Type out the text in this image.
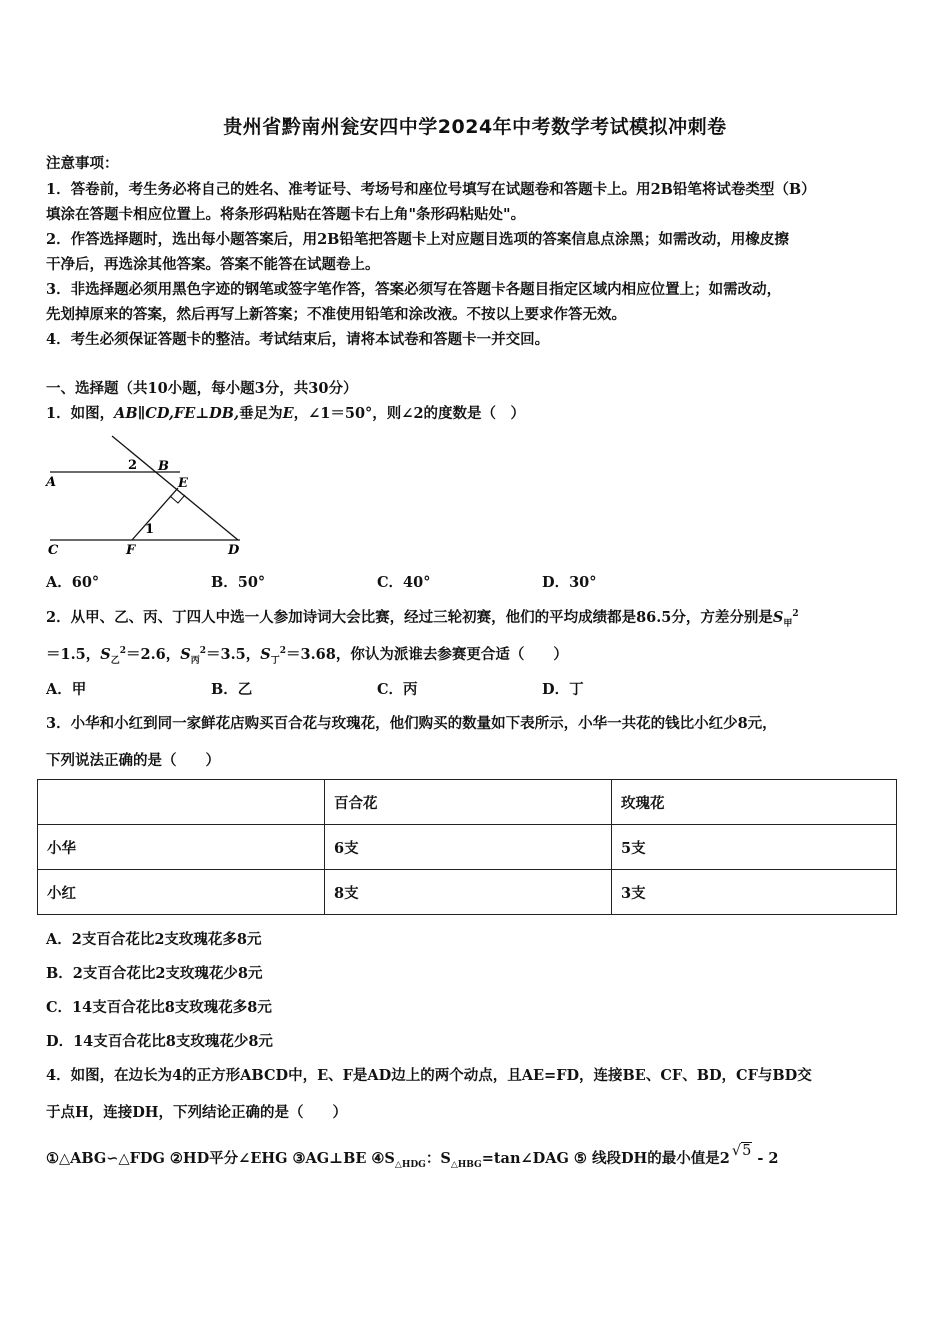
贵州省黔南州瓮安四中学2024年中考数学考试模拟冲刺卷
注意事项：
1．答卷前，考生务必将自己的姓名、准考证号、考场号和座位号填写在试题卷和答题卡上。用2B铅笔将试卷类型（B）
填涂在答题卡相应位置上。将条形码粘贴在答题卡右上角"条形码粘贴处"。
2．作答选择题时，选出每小题答案后，用2B铅笔把答题卡上对应题目选项的答案信息点涂黑；如需改动，用橡皮擦
干净后，再选涂其他答案。答案不能答在试题卷上。
3．非选择题必须用黑色字迹的钢笔或签字笔作答，答案必须写在答题卡各题目指定区域内相应位置上；如需改动，
先划掉原来的答案，然后再写上新答案；不准使用铅笔和涂改液。不按以上要求作答无效。
4．考生必须保证答题卡的整洁。考试结束后，请将本试卷和答题卡一并交回。
一、选择题（共10小题，每小题3分，共30分）
1．如图，AB∥CD,FE⊥DB,垂足为E，∠1＝50°，则∠2的度数是（　）
A
B
2
E
1
C	F	D
A．60°	B．50°	C．40°	D．30°
2．从甲、乙、丙、丁四人中选一人参加诗词大会比赛，经过三轮初赛，他们的平均成绩都是86.5分，方差分别是$S_甲^2$
＝1.5，$S_乙^2=2.6$，$S_丙^2=3.5$，$S_丁^2=3.68$，你认为派谁去参赛更合适（　　）
A．甲	B．乙	C．丙	D．丁
3．小华和小红到同一家鲜花店购买百合花与玫瑰花，他们购买的数量如下表所示，小华一共花的钱比小红少8元，
下列说法正确的是（　　）
	百合花	玫瑰花
小华	6支	5支
小红	8支	3支
A．2支百合花比2支玫瑰花多8元
B．2支百合花比2支玫瑰花少8元
C．14支百合花比8支玫瑰花多8元
D．14支百合花比8支玫瑰花少8元
4．如图，在边长为4的正方形ABCD中，E、F是AD边上的两个动点，且AE=FD，连接BE、CF、BD，CF与BD交
于点H，连接DH，下列结论正确的是（　　）
①△ABG∽△FDG ②HD平分∠EHG ③AG⊥BE $④S_{\triangle HDG}$：$S_{\triangle HBG}=\tan\angle DAG$ ⑤ 线段DH的最小值是2 √5 - 2
